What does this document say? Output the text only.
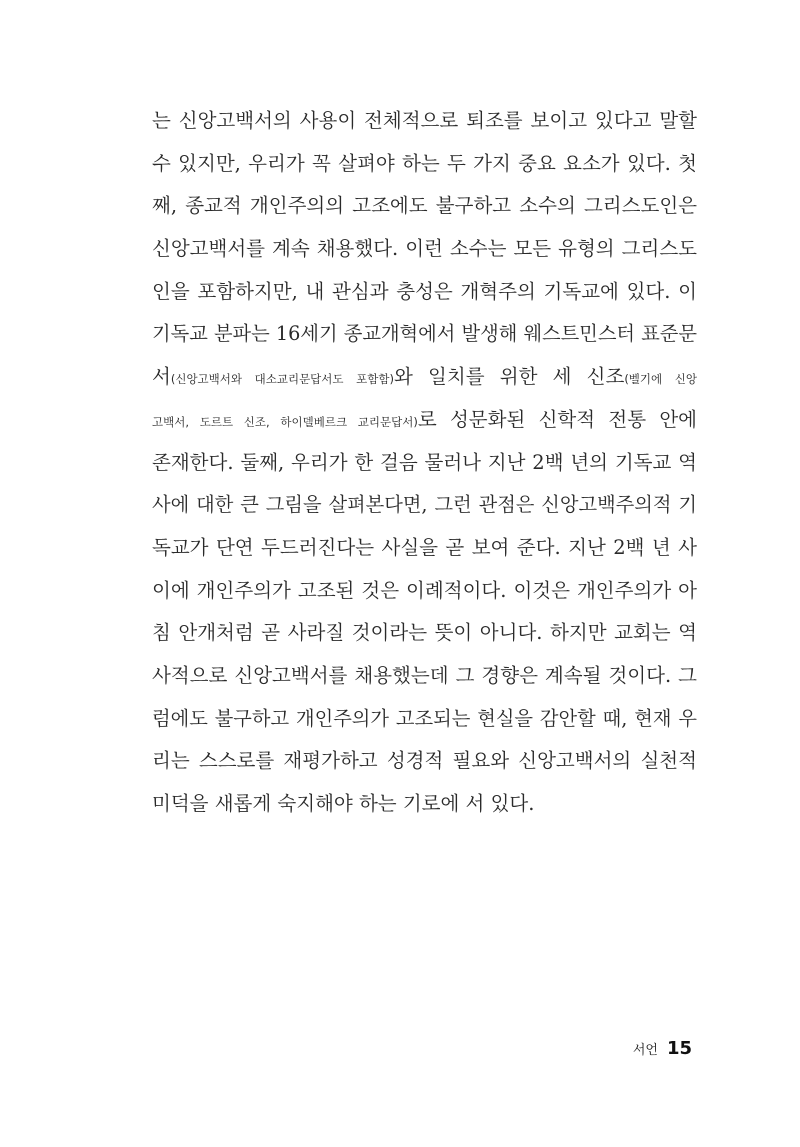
는 신앙고백서의 사용이 전체적으로 퇴조를 보이고 있다고 말할
수 있지만, 우리가 꼭 살펴야 하는 두 가지 중요 요소가 있다. 첫
째, 종교적 개인주의의 고조에도 불구하고 소수의 그리스도인은
신앙고백서를 계속 채용했다. 이런 소수는 모든 유형의 그리스도
인을 포함하지만, 내 관심과 충성은 개혁주의 기독교에 있다. 이
기독교 분파는 16세기 종교개혁에서 발생해 웨스트민스터 표준문
서(신앙고백서와 대소교리문답서도 포함함)와 일치를 위한 세 신조(벨기에 신앙
고백서, 도르트 신조, 하이델베르크 교리문답서)로 성문화된 신학적 전통 안에
존재한다. 둘째, 우리가 한 걸음 물러나 지난 2백 년의 기독교 역
사에 대한 큰 그림을 살펴본다면, 그런 관점은 신앙고백주의적 기
독교가 단연 두드러진다는 사실을 곧 보여 준다. 지난 2백 년 사
이에 개인주의가 고조된 것은 이례적이다. 이것은 개인주의가 아
침 안개처럼 곧 사라질 것이라는 뜻이 아니다. 하지만 교회는 역
사적으로 신앙고백서를 채용했는데 그 경향은 계속될 것이다. 그
럼에도 불구하고 개인주의가 고조되는 현실을 감안할 때, 현재 우
리는 스스로를 재평가하고 성경적 필요와 신앙고백서의 실천적
미덕을 새롭게 숙지해야 하는 기로에 서 있다.
서언 15
